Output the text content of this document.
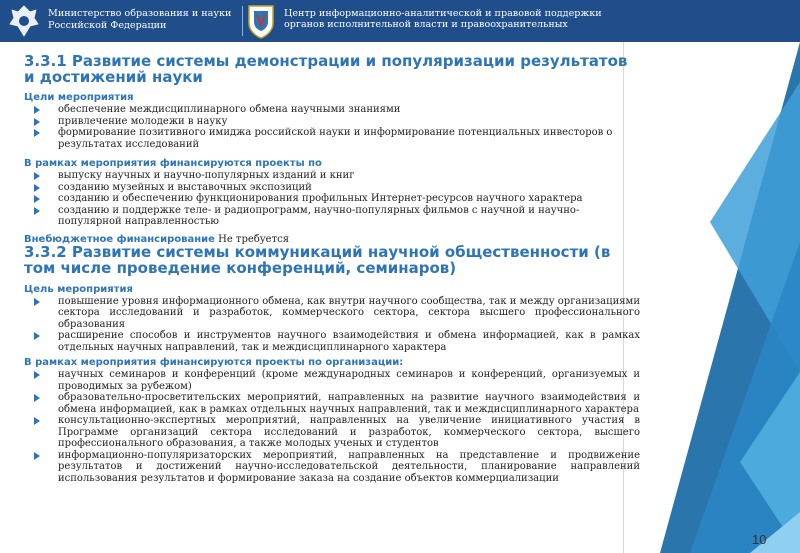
Министерство образования и науки Российской Федерации
Центр информационно-аналитической и правовой поддержки органов исполнительной власти и правоохранительных
3.3.1 Развитие системы демонстрации и популяризации результатов и достижений науки
Цели мероприятия
обеспечение междисциплинарного обмена научными знаниями
привлечение молодежи в науку
формирование позитивного имиджа российской науки и информирование потенциальных инвесторов о результатах исследований
В рамках мероприятия финансируются проекты по
выпуску научных и научно-популярных изданий и книг
созданию музейных и выставочных экспозиций
созданию и обеспечению функционирования профильных Интернет-ресурсов научного характера
созданию и поддержке теле- и радиопрограмм, научно-популярных фильмов с научной и научно-популярной направленностью
Внебюджетное финансирование Не требуется
3.3.2 Развитие системы коммуникаций научной общественности (в том числе проведение конференций, семинаров)
Цель мероприятия
повышение уровня информационного обмена, как внутри научного сообщества, так и между организациями сектора исследований и разработок, коммерческого сектора, сектора высшего профессионального образования
расширение способов и инструментов научного взаимодействия и обмена информацией, как в рамках отдельных научных направлений, так и междисциплинарного характера
В рамках мероприятия финансируются проекты по организации:
научных семинаров и конференций (кроме международных семинаров и конференций, организуемых и проводимых за рубежом)
образовательно-просветительских мероприятий, направленных на развитие научного взаимодействия и обмена информацией, как в рамках отдельных научных направлений, так и междисциплинарного характера
консультационно-экспертных мероприятий, направленных на увеличение инициативного участия в Программе организаций сектора исследований и разработок, коммерческого сектора, высшего профессионального образования, а также молодых ученых и студентов
информационно-популяризаторских мероприятий, направленных на представление и продвижение результатов и достижений научно-исследовательской деятельности, планирование направлений использования результатов и формирование заказа на создание объектов коммерциализации
10
